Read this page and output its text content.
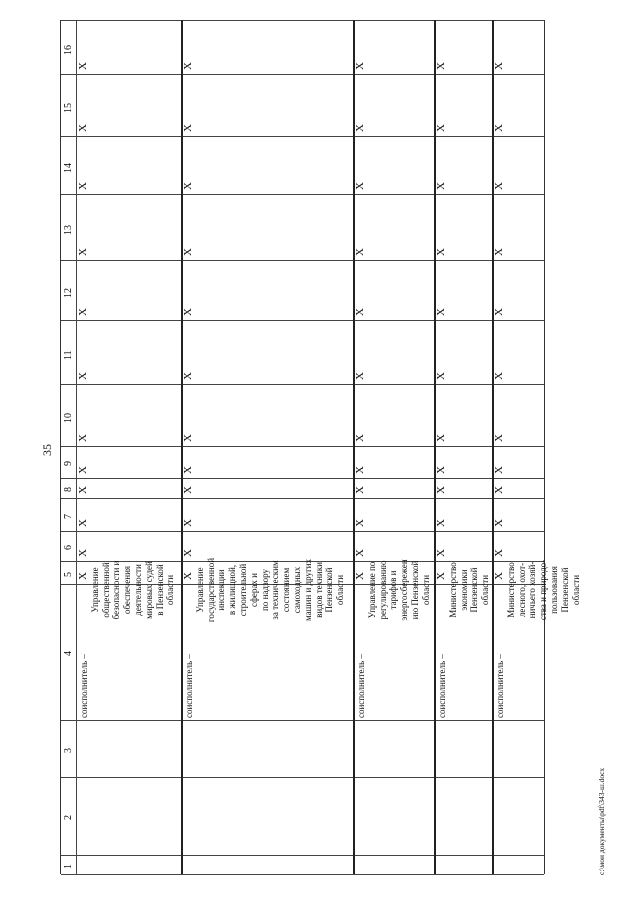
35
1
2
3
4
5
6
7
8
9
10
11
12
13
14
15
16
соисполнитель –
Управление общественной безопасности и обеспечения деятельности мировых судей в Пензенской области
X
X
X
X
X
X
X
X
X
X
X
X
соисполнитель –
Управление государственной инспекции в жилищной, строительной сферах и по надзору за техническим состоянием самоходных машин и других видов техники Пензенской области
X
X
X
X
X
X
X
X
X
X
X
X
соисполнитель –
Управление по регулированию тарифов и энергосбережен ию Пензенской области
X
X
X
X
X
X
X
X
X
X
X
X
соисполнитель –
Министерство экономики Пензенской области
X
X
X
X
X
X
X
X
X
X
X
X
соисполнитель –
Министерство лесного, охот- ничьего хозяй- ства и природо- пользования Пензенской области
X
X
X
X
X
X
X
X
X
X
X
X
c:\мои документы\pdf\343-ш.docx
